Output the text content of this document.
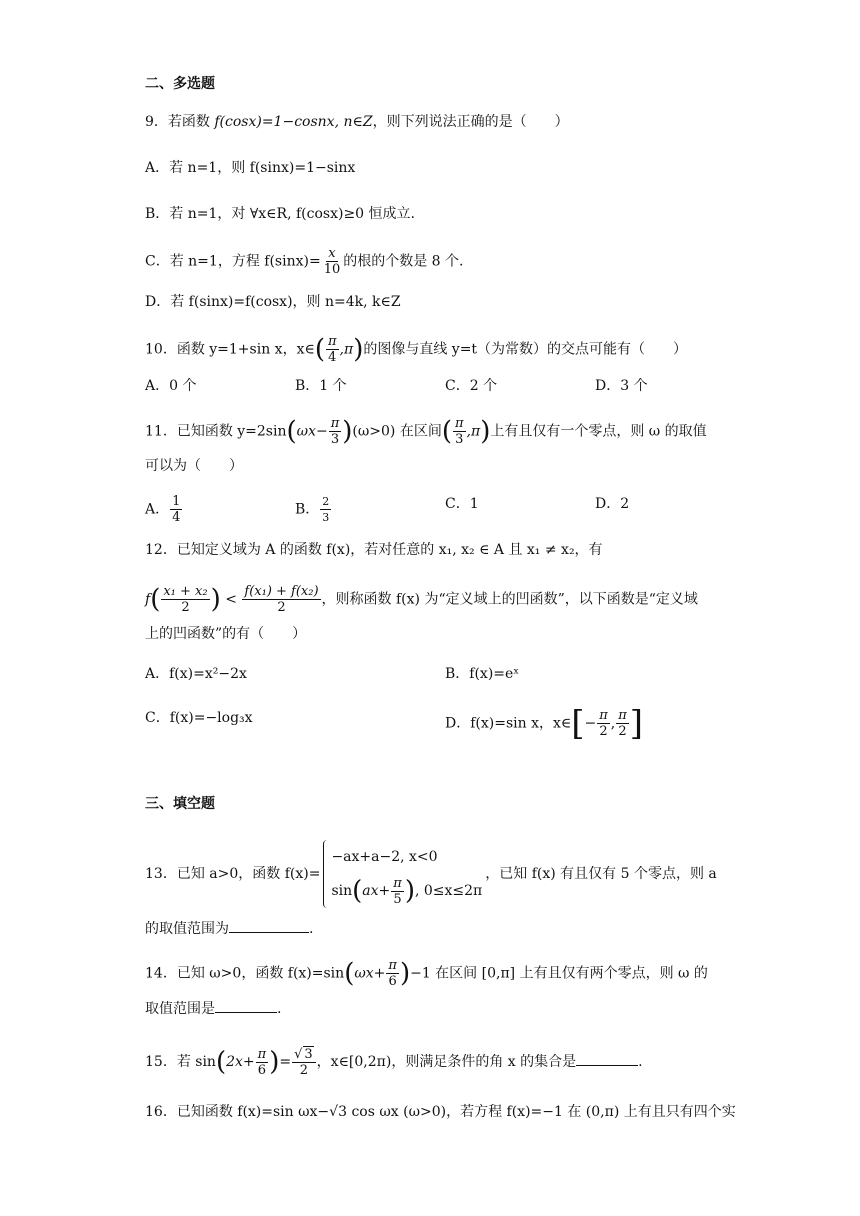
二、多选题
9．若函数 f(cosx)=1−cosnx, n∈Z，则下列说法正确的是（　　）
A．若 n=1，则 f(sinx)=1−sinx
B．若 n=1，对 ∀x∈R, f(cosx)≥0 恒成立.
C．若 n=1，方程 $f(\sin x)= \frac{x}{10}$ 的根的个数是 8 个.
D．若 f(sinx)=f(cosx)，则 n=4k, k∈Z
10．函数 y=1+sin x，x∈( $\frac{\pi}{4} ,\pi$)的图像与直线 y=t（为常数）的交点可能有（　　）
A．0 个	B．1 个	C．2 个	D．3 个
11．已知函数 $y=2\sin(\omega x- \frac{\pi}{3} )(\omega>0)$ 在区间( $\frac{\pi}{3} ,\pi$)上有且仅有一个零点，则 ω 的取值
可以为（　　）
A． $\frac{1}{4}$	B． $\frac{2}{3}$	C．1	D．2
12．已知定义域为 A 的函数 f(x)，若对任意的 x₁, x₂ ∈ A 且 x₁ ≠ x₂，有
$f( \frac{\text{x₁ + x₂}}{2}$ ) < $\frac{\text{f(x₁) + f(x₂)}}{2}$ ，则称函数 f(x) 为“定义域上的凹函数”，以下函数是“定义域
上的凹函数”的有（　　）
A．f(x)=x²−2x	B．f(x)=eˣ
C．f(x)=−log₃x	D．f(x)=sin x，x∈[− $\frac{\pi}{2}$ , $\frac{\pi}{2}$ ]
三、填空题
13．已知 a>0，函数 f(x)=
−ax+a−2, x<0
$\sin(ax+ \frac{\pi}{5}$ ), 0≤x≤2π
，已知 f(x) 有且仅有 5 个零点，则 a
的取值范围为	.
14．已知 ω>0，函数 $f(x)=\sin(\omega x+ \frac{\pi}{6} )-1$ 在区间 [0,π] 上有且仅有两个零点，则 ω 的
取值范围是	.
15．若 $\sin(2x+ \frac{\pi}{6}$ )= $\frac{√ 3}{2}$ ，x∈[0,2π)，则满足条件的角 x 的集合是	.
16．已知函数 f(x)=sin ωx−√3 cos ωx (ω>0)，若方程 f(x)=−1 在 (0,π) 上有且只有四个实
